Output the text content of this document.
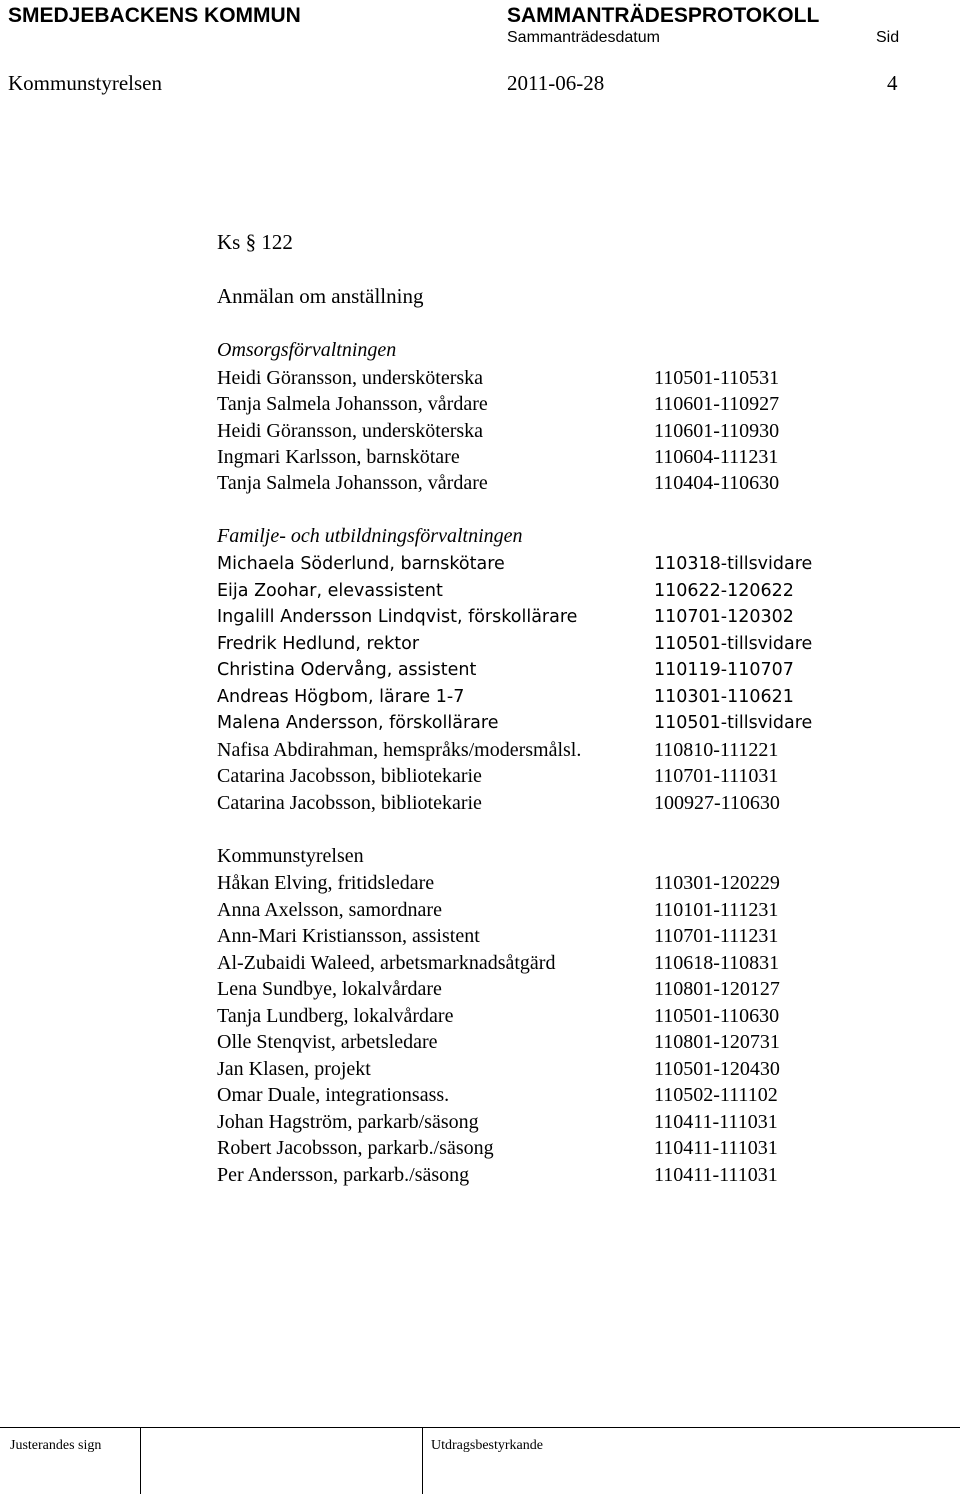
SMEDJEBACKENS KOMMUN	SAMMANTRÄDESPROTOKOLL
Sammanträdesdatum	Sid
Kommunstyrelsen	2011-06-28	4
Ks § 122
Anmälan om anställning
Omsorgsförvaltningen
Heidi Göransson, undersköterska	110501-110531
Tanja Salmela Johansson, vårdare	110601-110927
Heidi Göransson, undersköterska	110601-110930
Ingmari Karlsson, barnskötare	110604-111231
Tanja Salmela Johansson, vårdare	110404-110630
Familje- och utbildningsförvaltningen
Michaela Söderlund, barnskötare	110318-tillsvidare
Eija Zoohar, elevassistent	110622-120622
Ingalill Andersson Lindqvist, förskollärare	110701-120302
Fredrik Hedlund, rektor	110501-tillsvidare
Christina Odervång, assistent	110119-110707
Andreas Högbom, lärare 1-7	110301-110621
Malena Andersson, förskollärare	110501-tillsvidare
Nafisa Abdirahman, hemspråks/modersmålsl.	110810-111221
Catarina Jacobsson, bibliotekarie	110701-111031
Catarina Jacobsson, bibliotekarie	100927-110630
Kommunstyrelsen
Håkan Elving, fritidsledare	110301-120229
Anna Axelsson, samordnare	110101-111231
Ann-Mari Kristiansson, assistent	110701-111231
Al-Zubaidi Waleed, arbetsmarknadsåtgärd	110618-110831
Lena Sundbye, lokalvårdare	110801-120127
Tanja Lundberg, lokalvårdare	110501-110630
Olle Stenqvist, arbetsledare	110801-120731
Jan Klasen, projekt	110501-120430
Omar Duale, integrationsass.	110502-111102
Johan Hagström, parkarb/säsong	110411-111031
Robert Jacobsson, parkarb./säsong	110411-111031
Per Andersson, parkarb./säsong	110411-111031
Justerandes sign	Utdragsbestyrkande
